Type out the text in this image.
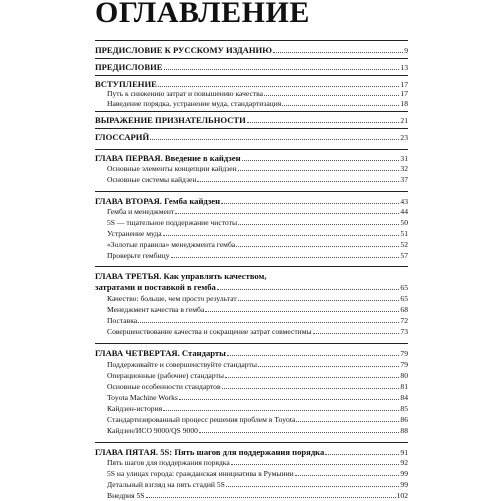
ОГЛАВЛЕНИЕ
ПРЕДИСЛОВИЕ К РУССКОМУ ИЗДАНИЮ	9
ПРЕДИСЛОВИЕ	13
ВСТУПЛЕНИЕ	17
Путь к снижению затрат и повышению качества	17
Наведение порядка, устранение муда, стандартизация	18
ВЫРАЖЕНИЕ ПРИЗНАТЕЛЬНОСТИ	21
ГЛОССАРИЙ	23
ГЛАВА ПЕРВАЯ. Введение в кайдзен	31
Основные элементы концепции кайдзен	32
Основные системы кайдзен	37
ГЛАВА ВТОРАЯ. Гемба кайдзен	43
Гемба и менеджмент	44
5S — тщательное поддержание чистоты	50
Устранение муда	51
«Золотые правила» менеджмента гемба	52
Проверьте гембицу	57
ГЛАВА ТРЕТЬЯ. Как управлять качеством,
затратами и поставкой в гемба	65
Качество: больше, чем просто результат	65
Менеджмент качества в гемба	68
Поставка	72
Совершенствование качества и сокращение затрат совместимы	73
ГЛАВА ЧЕТВЕРТАЯ. Стандарты	79
Поддерживайте и совершенствуйте стандарты	79
Операционные (рабочие) стандарты	80
Основные особенности стандартов	81
Toyota Machine Works	84
Кайдзен-история	85
Стандартизированный процесс решения проблем в Toyota	86
Кайдзен/ИСО 9000/QS 9000	88
ГЛАВА ПЯТАЯ. 5S: Пять шагов для поддержания порядка	91
Пять шагов для поддержания порядка	92
5S на улицах города: гражданская инициатива в Румынии	99
Детальный взгляд на пять стадий 5S	99
Внедрия 5S	102
